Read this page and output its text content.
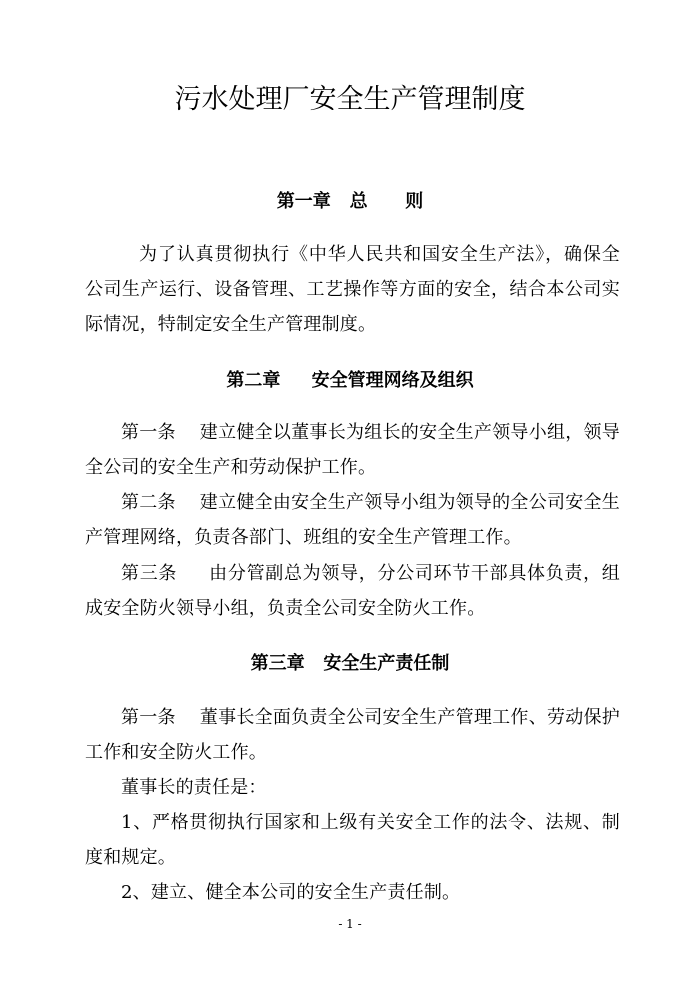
污水处理厂安全生产管理制度
第一章   总      则
为了认真贯彻执行《中华人民共和国安全生产法》，确保全公司生产运行、设备管理、工艺操作等方面的安全，结合本公司实际情况，特制定安全生产管理制度。
第二章     安全管理网络及组织
第一条    建立健全以董事长为组长的安全生产领导小组，领导全公司的安全生产和劳动保护工作。
第二条    建立健全由安全生产领导小组为领导的全公司安全生产管理网络，负责各部门、班组的安全生产管理工作。
第三条     由分管副总为领导，分公司环节干部具体负责，组成安全防火领导小组，负责全公司安全防火工作。
第三章   安全生产责任制
第一条    董事长全面负责全公司安全生产管理工作、劳动保护工作和安全防火工作。
董事长的责任是：
1、严格贯彻执行国家和上级有关安全工作的法令、法规、制度和规定。
2、建立、健全本公司的安全生产责任制。
- 1 -
